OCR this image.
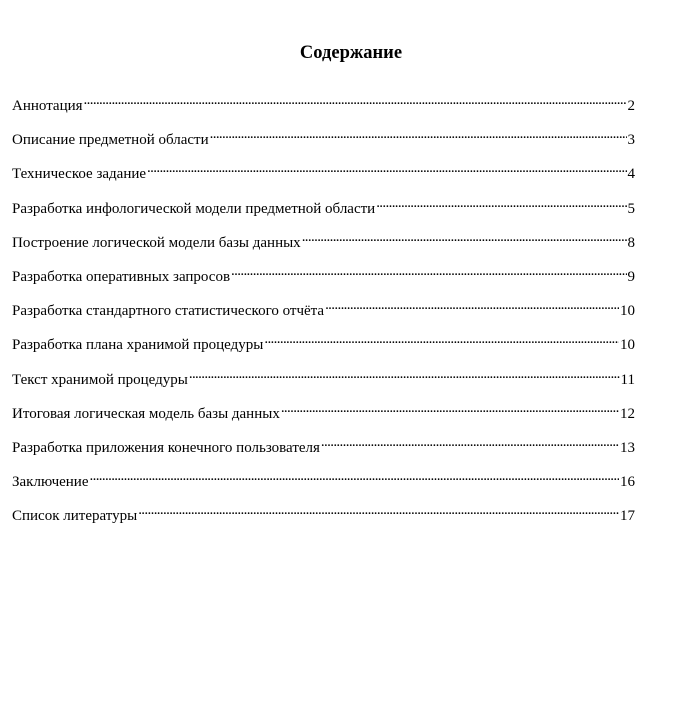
Содержание
Аннотация . . .	2
Описание предметной области . . .	3
Техническое задание . . .	4
Разработка инфологической модели предметной области . . .	5
Построение логической модели базы данных . . .	8
Разработка оперативных запросов . . .	9
Разработка стандартного статистического отчёта . . .	10
Разработка плана хранимой процедуры . . .	10
Текст хранимой процедуры . . .	11
Итоговая логическая модель базы данных . . .	12
Разработка приложения конечного пользователя . . .	13
Заключение . . .	16
Список литературы . . .	17
